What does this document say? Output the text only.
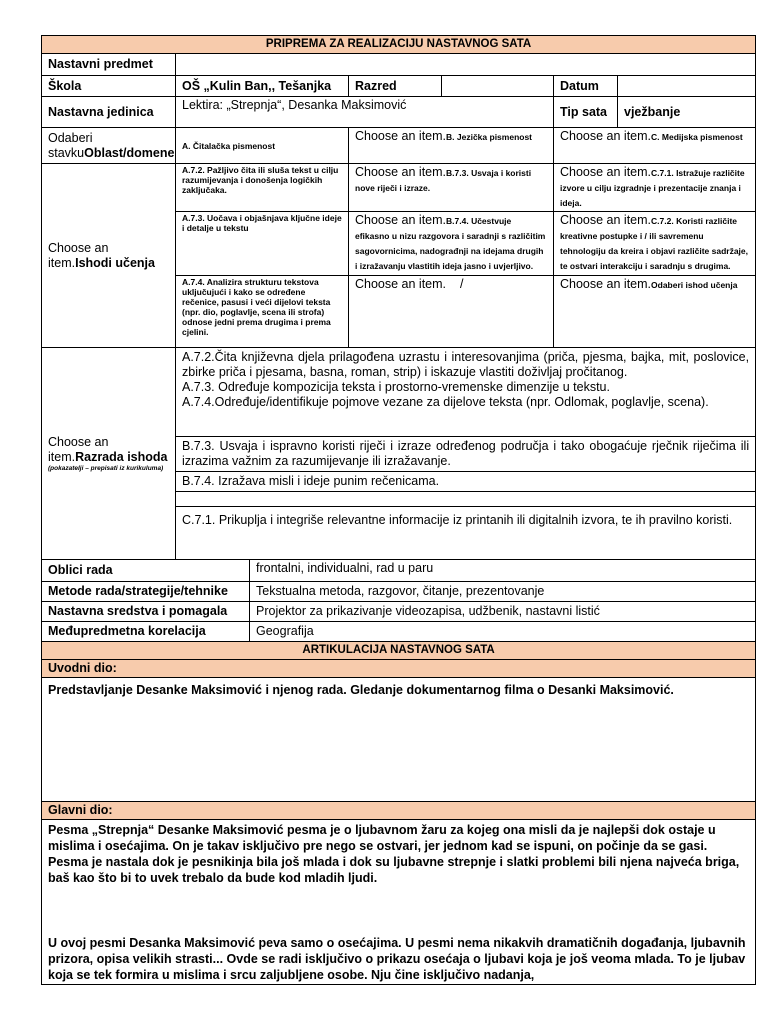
PRIPREMA ZA REALIZACIJU NASTAVNOG SATA
Nastavni predmet	
Škola	OŠ „Kulin Ban,, Tešanjka	Razred		Datum	
Nastavna jedinica	Lektira: „Strepnja“, Desanka Maksimović	Tip sata	vježbanje
Odaberi stavkuOblast/domene	A. Čitalačka pismenost	Choose an item.B. Jezička pismenost	Choose an item.C. Medijska pismenost
Choose an item.Ishodi učenja	A.7.2. Pažljivo čita ili sluša tekst u cilju razumijevanja i donošenja logičkih zaključaka.	Choose an item.B.7.3. Usvaja i koristi nove riječi i izraze.	Choose an item.C.7.1. Istražuje različite izvore u cilju izgradnje i prezentacije znanja i ideja.
A.7.3. Uočava i objašnjava ključne ideje i detalje u tekstu	Choose an item.B.7.4. Učestvuje efikasno u nizu razgovora i saradnji s različitim sagovornicima, nadograđnji na idejama drugih i izražavanju vlastitih ideja jasno i uvjerljivo.	Choose an item.C.7.2. Koristi različite kreativne postupke i / ili savremenu tehnologiju da kreira i objavi različite sadržaje, te ostvari interakciju i saradnju s drugima.
A.7.4. Analizira strukturu tekstova uključujući i kako se određene rečenice, pasusi i veći dijelovi teksta (npr. dio, poglavlje, scena ili strofa) odnose jedni prema drugima i prema cjelini.	Choose an item. /	Choose an item.Odaberi ishod učenja
Choose an item.Razrada ishoda
(pokazatelji – prepisati iz kurikuluma)

A.7.2.Čita književna djela prilagođena uzrastu i interesovanjima (priča, pjesma, bajka, mit, poslovice, zbirke priča i pjesama, basna, roman, strip) i iskazuje vlastiti doživljaj pročitanog.
A.7.3. Određuje kompozicija teksta i prostorno-vremenske dimenzije u tekstu.
A.7.4.Određuje/identifikuje pojmove vezane za dijelove teksta (npr. Odlomak, poglavlje, scena).

B.7.3. Usvaja i ispravno koristi riječi i izraze određenog područja i tako obogaćuje rječnik riječima ili izrazima važnim za razumijevanje ili izražavanje.
B.7.4. Izražava misli i ideje punim rečenicama.

C.7.1. Prikuplja i integriše relevantne informacije iz printanih ili digitalnih izvora, te ih pravilno koristi.

Oblici rada	frontalni, individualni, rad u paru
Metode rada/strategije/tehnike	Tekstualna metoda, razgovor, čitanje, prezentovanje
Nastavna sredstva i pomagala	Projektor za prikazivanje videozapisa, udžbenik, nastavni listić
Međupredmetna korelacija	Geografija
ARTIKULACIJA NASTAVNOG SATA
Uvodni dio:
Predstavljanje Desanke Maksimović i njenog rada. Gledanje dokumentarnog filma o Desanki Maksimović.
Glavni dio:

Pesma „Strepnja“ Desanke Maksimović pesma je o ljubavnom žaru za kojeg ona misli da je najlepši dok ostaje u mislima i osećajima. On je takav isključivo pre nego se ostvari, jer jednom kad se ispuni, on počinje da se gasi. Pesma je nastala dok je pesnikinja bila još mlada i dok su ljubavne strepnje i slatki problemi bili njena najveća briga, baš kao što bi to uvek trebalo da bude kod mladih ljudi.
U ovoj pesmi Desanka Maksimović peva samo o osećajima. U pesmi nema nikakvih dramatičnih događanja, ljubavnih prizora, opisa velikih strasti... Ovde se radi isključivo o prikazu osećaja o ljubavi koja je još veoma mlada. To je ljubav koja se tek formira u mislima i srcu zaljubljene osobe. Nju čine isključivo nadanja,
